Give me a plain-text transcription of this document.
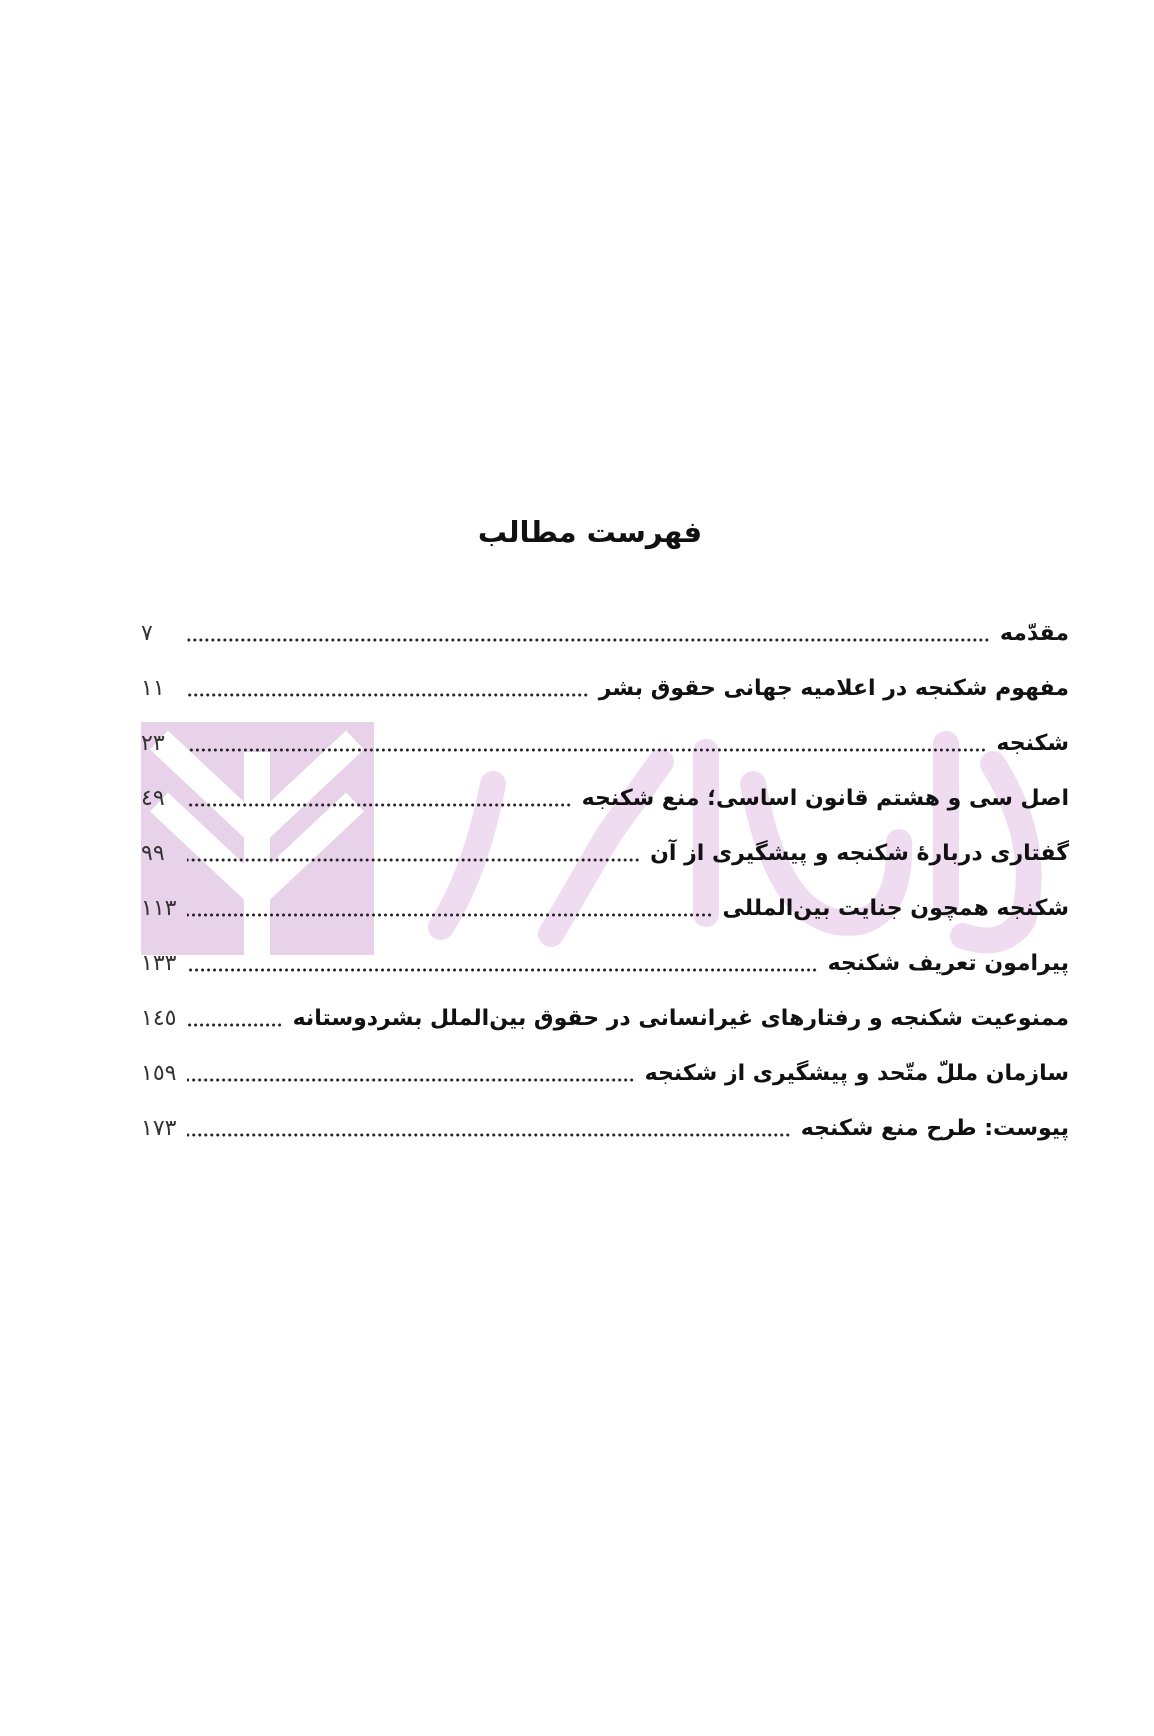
فهرست مطالب
مقدّمه
٧
مفهوم شکنجه در اعلامیه جهانی حقوق بشر
١١
شکنجه
٢٣
اصل سی و هشتم قانون اساسی؛ منع شکنجه
٤٩
گفتاری دربارهٔ شکنجه و پیشگیری از آن
٩٩
شکنجه همچون جنایت بین‌المللی
١١٣
پیرامون تعریف شکنجه
١٣٣
ممنوعیت شکنجه و رفتارهای غیرانسانی در حقوق بین‌الملل بشردوستانه
١٤٥
سازمان مللّ متّحد و پیشگیری از شکنجه
١٥٩
پیوست: طرح منع شکنجه
١٧٣
